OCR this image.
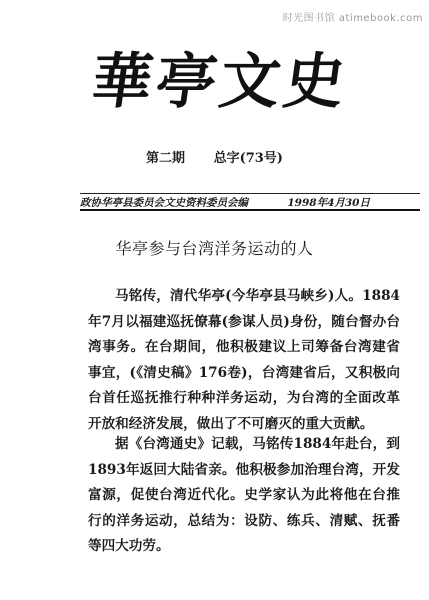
时光图书馆 atimebook.com
華亭文史
第二期 总字(73号)
政协华亭县委员会文史资料委员会编	1998年4月30日
华亭参与台湾洋务运动的人

马铭传，清代华亭(今华亭县马峡乡)人。1884年7月以福建巡抚僚幕(参谋人员)身份，随台督办台湾事务。在台期间，他积极建议上司筹备台湾建省事宜，(《清史稿》176卷)，台湾建省后，又积极向台首任巡抚推行种种洋务运动，为台湾的全面改革开放和经济发展，做出了不可磨灭的重大贡献。

据《台湾通史》记载，马铭传1884年赴台，到1893年返回大陆省亲。他积极参加治理台湾，开发富源，促使台湾近代化。史学家认为此将他在台推行的洋务运动，总结为：设防、练兵、清赋、抚番等四大功劳。
